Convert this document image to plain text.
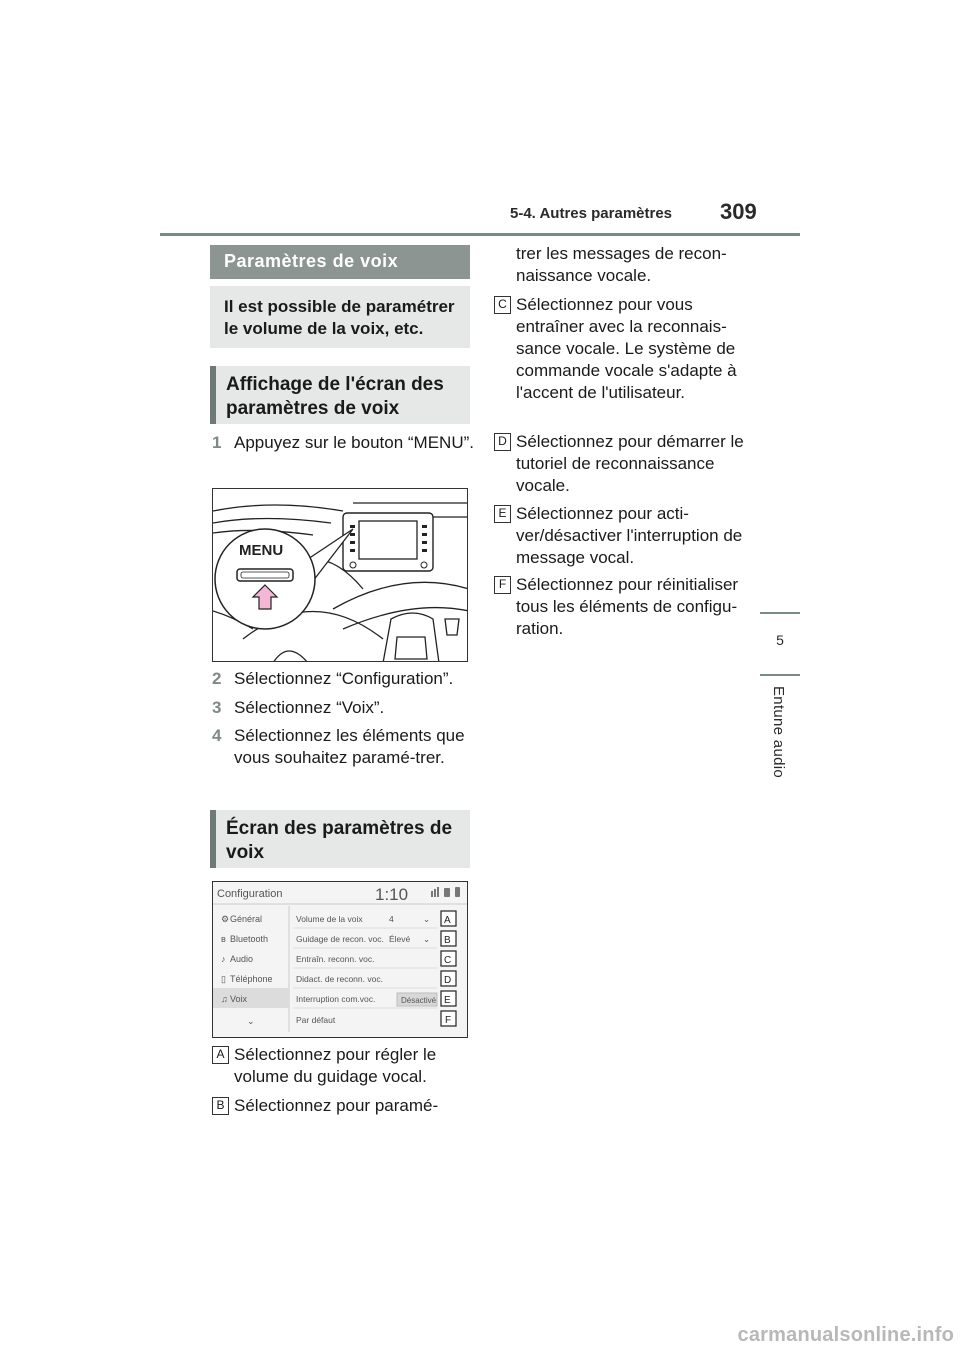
5-4. Autres paramètres 309
5
Entune audio
Paramètres de voix
Il est possible de paramétrer le volume de la voix, etc.
Affichage de l'écran des paramètres de voix
1 Appuyez sur le bouton “MENU”.
MENU
2 Sélectionnez “Configuration”.
3 Sélectionnez “Voix”.
4 Sélectionnez les éléments que vous souhaitez paramé-trer.
Écran des paramètres de voix
Configuration	1:10
⚙ Général
ʙ Bluetooth
♪ Audio
▯ Téléphone
♫ Voix
⌄
Volume de la voix	4	⌄
Guidage de recon. voc. Élevé ⌄
Entraîn. reconn. voc.
Didact. de reconn. voc.
Interruption com.voc.	Désactivé
Par défaut
A
B
C
D
E
F
A Sélectionnez pour régler le volume du guidage vocal.
B Sélectionnez pour paramé-
trer les messages de recon-naissance vocale.
C Sélectionnez pour vous entraîner avec la reconnais-sance vocale. Le système de commande vocale s'adapte à l'accent de l'utilisateur.
D Sélectionnez pour démarrer le tutoriel de reconnaissance vocale.
E Sélectionnez pour acti-ver/désactiver l'interruption de message vocal.
F Sélectionnez pour réinitialiser tous les éléments de configu-ration.
carmanualsonline.info
